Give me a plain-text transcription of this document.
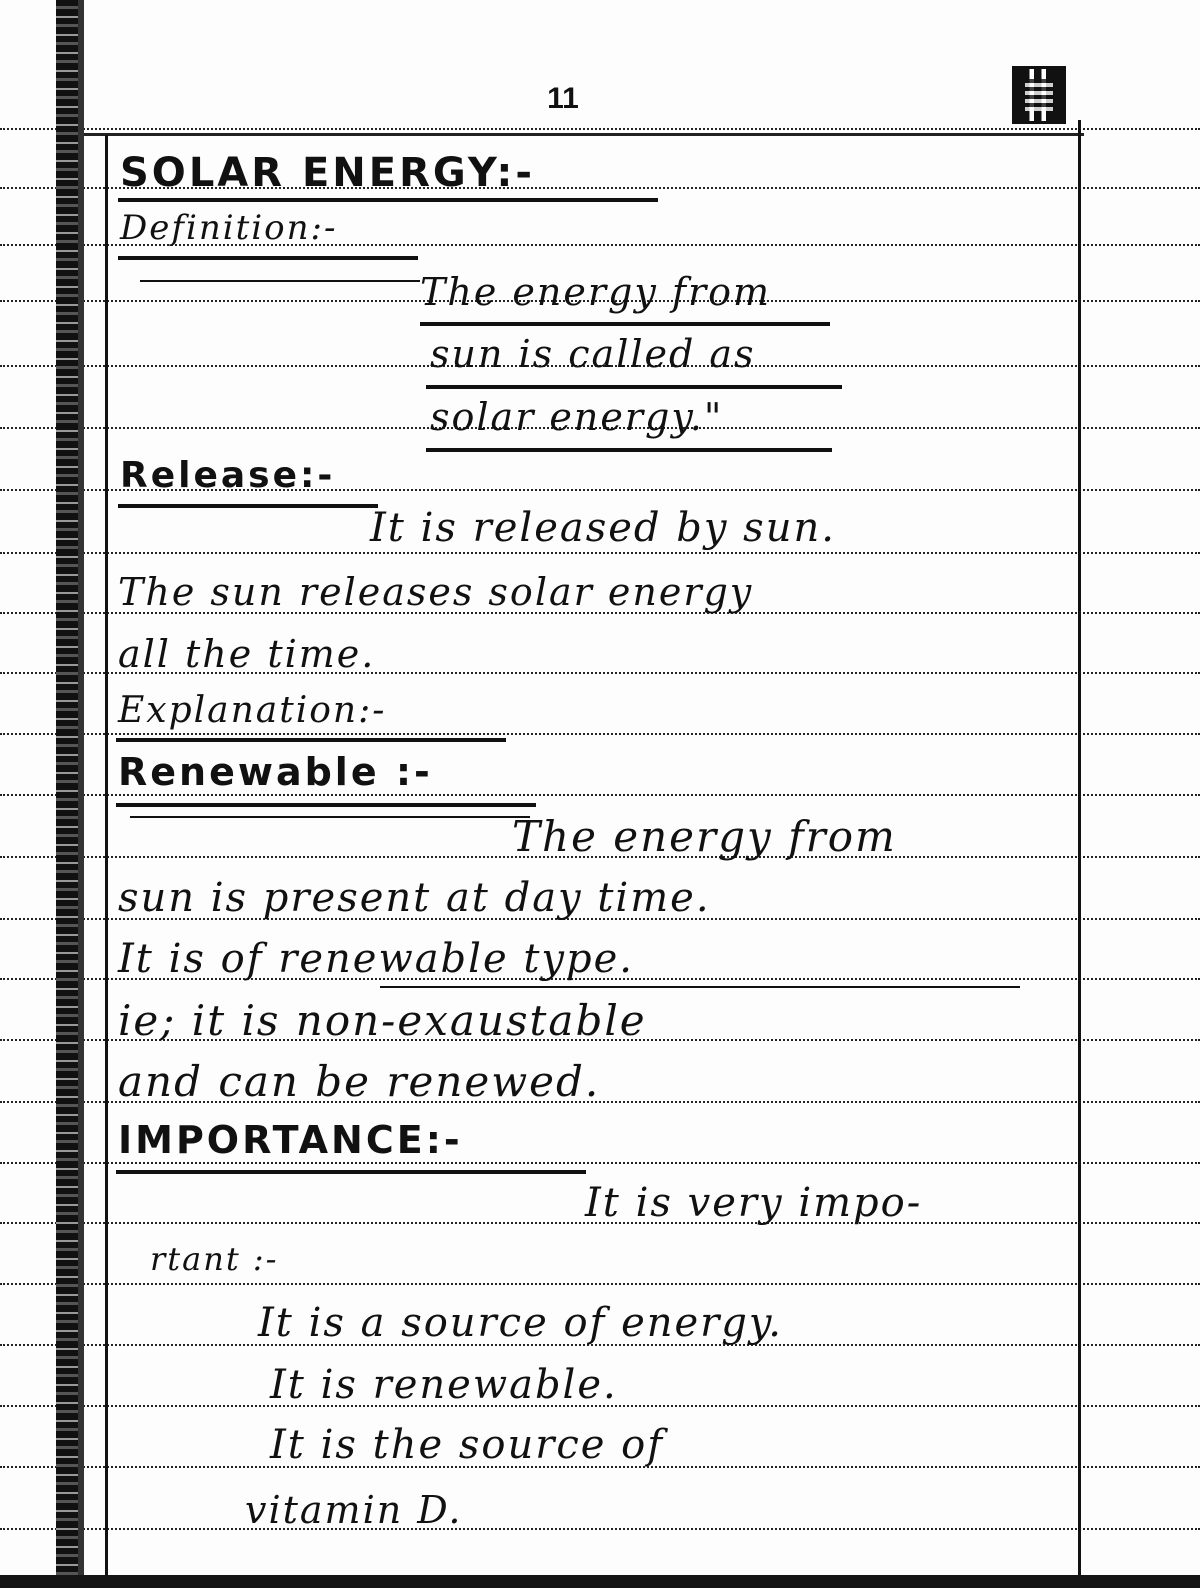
11
SOLAR ENERGY:-
Definition:-
The energy from
sun is called as
solar energy."
Release:-
It is released by sun.
The sun releases solar energy
all the time.
Explanation:-
Renewable :-
The energy from
sun is present at day time.
It is of renewable type.
ie; it is non-exaustable
and can be renewed.
IMPORTANCE:-
It is very impo-
rtant :-
It is a source of energy.
It is renewable.
It is the source of
vitamin D.
